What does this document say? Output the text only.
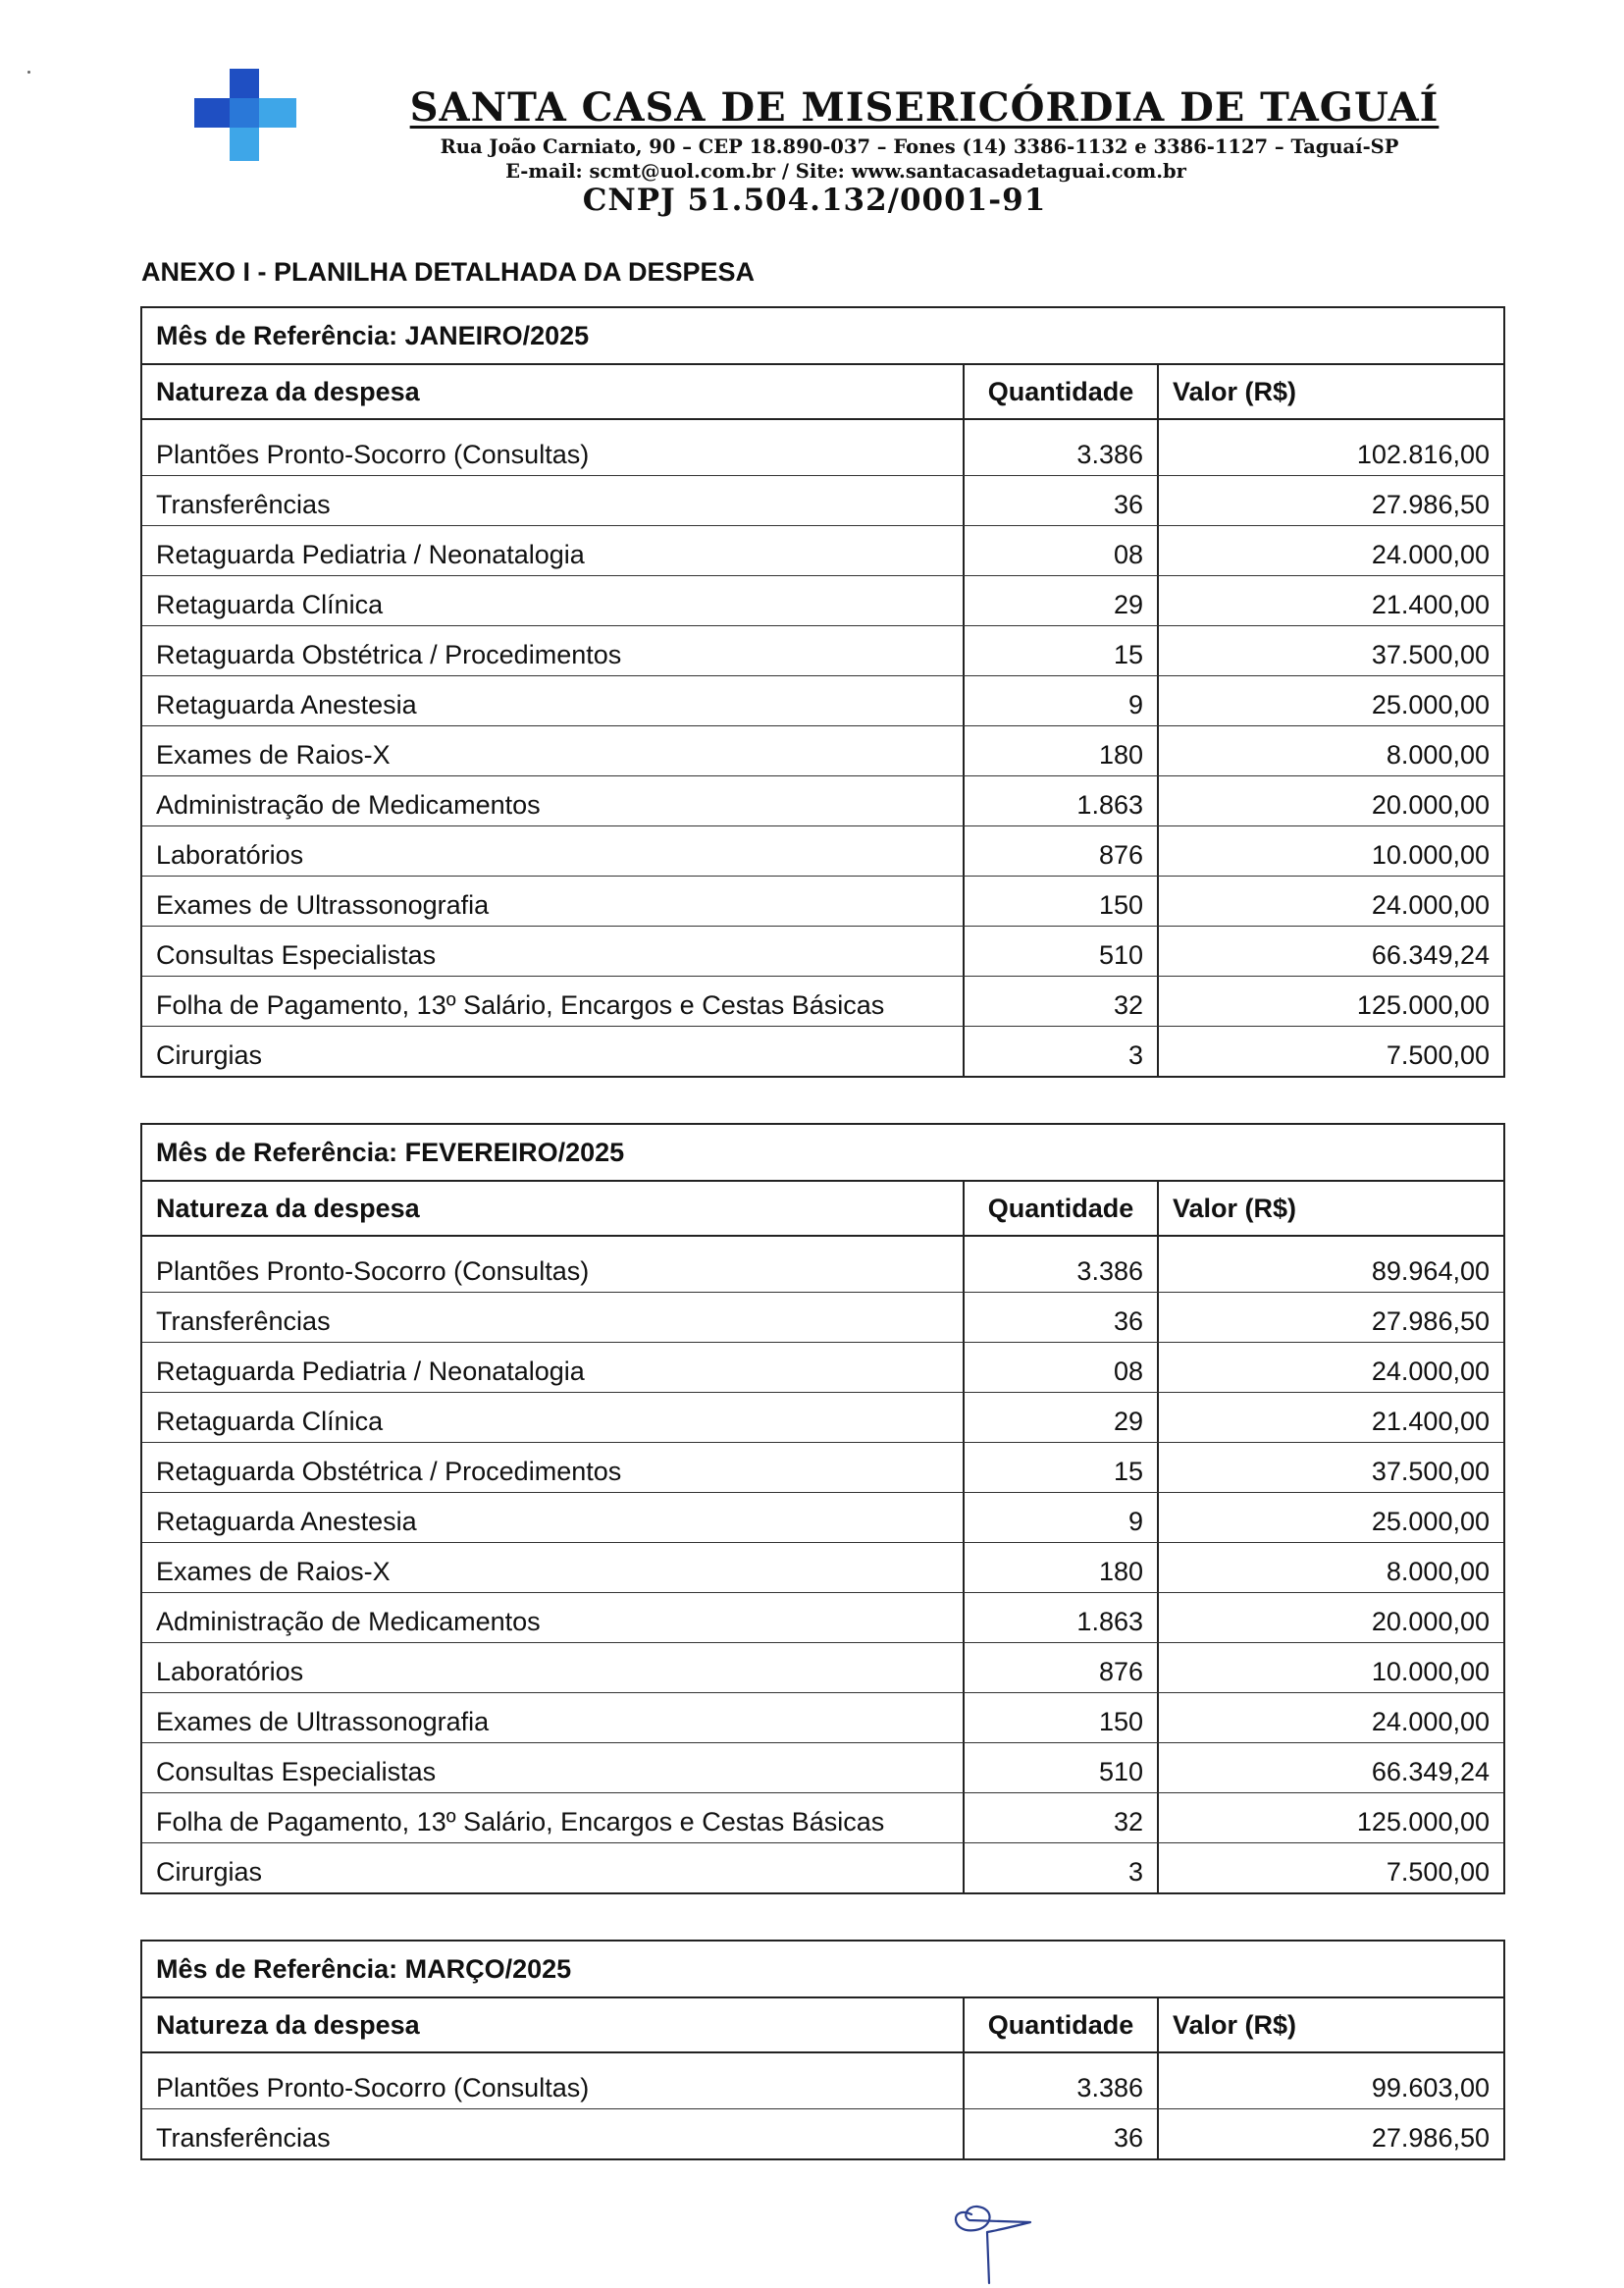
SANTA CASA DE MISERICÓRDIA DE TAGUAÍ
Rua João Carniato, 90 – CEP 18.890-037 – Fones (14) 3386-1132 e 3386-1127 – Taguaí-SP
E-mail: scmt@uol.com.br / Site: www.santacasadetaguai.com.br
CNPJ 51.504.132/0001-91
ANEXO I - PLANILHA DETALHADA DA DESPESA
Mês de Referência: JANEIRO/2025
Natureza da despesa	Quantidade	Valor (R$)
Plantões Pronto-Socorro (Consultas)	3.386	102.816,00
Transferências	36	27.986,50
Retaguarda Pediatria / Neonatalogia	08	24.000,00
Retaguarda Clínica	29	21.400,00
Retaguarda Obstétrica / Procedimentos	15	37.500,00
Retaguarda Anestesia	9	25.000,00
Exames de Raios-X	180	8.000,00
Administração de Medicamentos	1.863	20.000,00
Laboratórios	876	10.000,00
Exames de Ultrassonografia	150	24.000,00
Consultas Especialistas	510	66.349,24
Folha de Pagamento, 13º Salário, Encargos e Cestas Básicas	32	125.000,00
Cirurgias	3	7.500,00
Mês de Referência: FEVEREIRO/2025
Natureza da despesa	Quantidade	Valor (R$)
Plantões Pronto-Socorro (Consultas)	3.386	89.964,00
Transferências	36	27.986,50
Retaguarda Pediatria / Neonatalogia	08	24.000,00
Retaguarda Clínica	29	21.400,00
Retaguarda Obstétrica / Procedimentos	15	37.500,00
Retaguarda Anestesia	9	25.000,00
Exames de Raios-X	180	8.000,00
Administração de Medicamentos	1.863	20.000,00
Laboratórios	876	10.000,00
Exames de Ultrassonografia	150	24.000,00
Consultas Especialistas	510	66.349,24
Folha de Pagamento, 13º Salário, Encargos e Cestas Básicas	32	125.000,00
Cirurgias	3	7.500,00
Mês de Referência: MARÇO/2025
Natureza da despesa	Quantidade	Valor (R$)
Plantões Pronto-Socorro (Consultas)	3.386	99.603,00
Transferências	36	27.986,50
